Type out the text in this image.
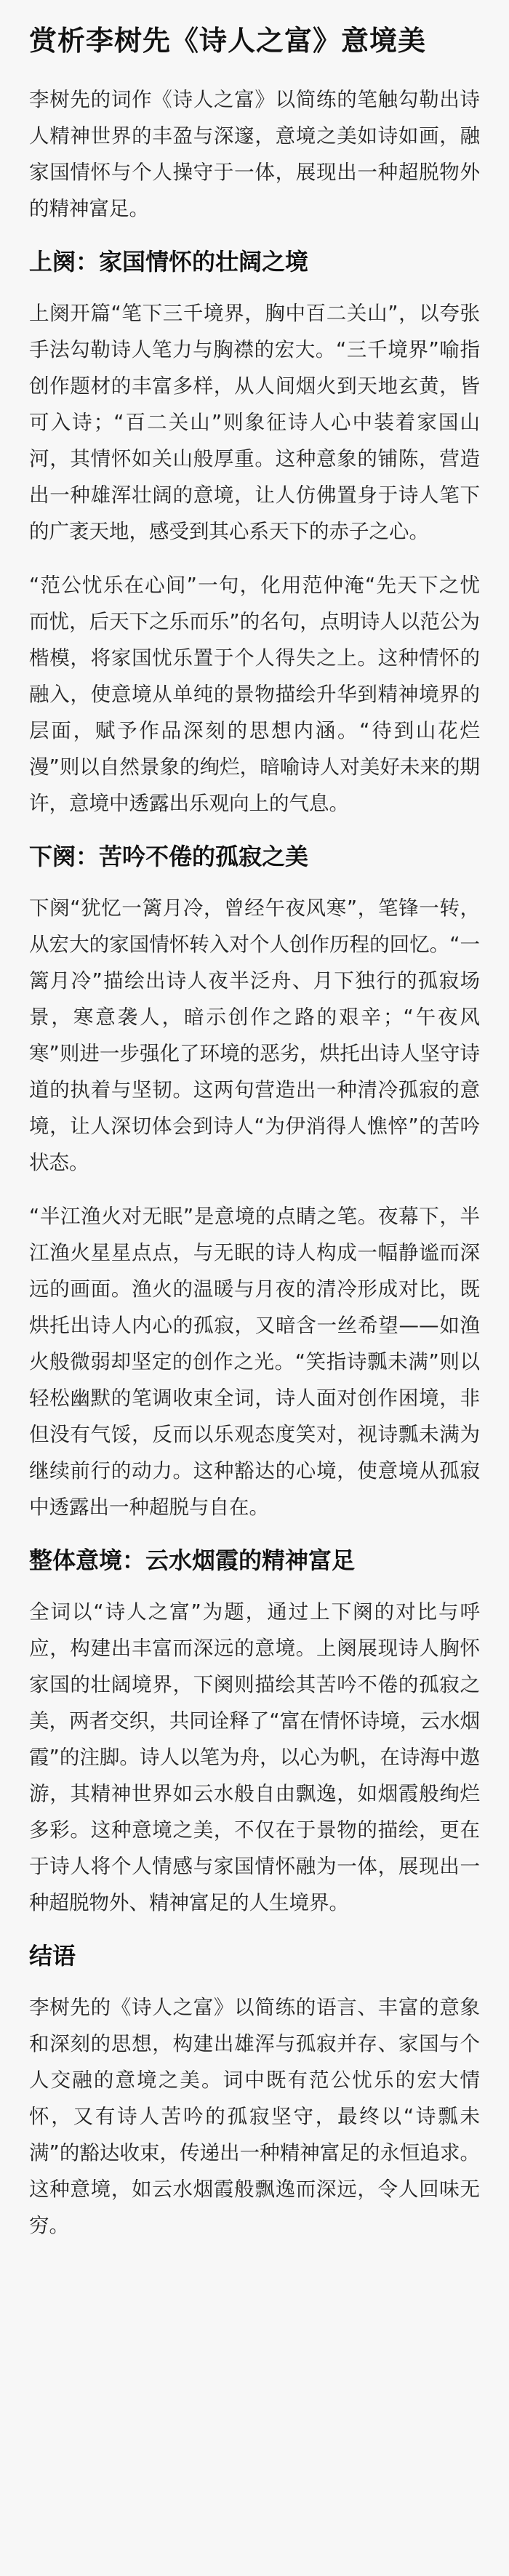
赏析李树先《诗人之富》意境美

李树先的词作《诗人之富》以简练的笔触勾勒出诗人精神世界的丰盈与深邃，意境之美如诗如画，融家国情怀与个人操守于一体，展现出一种超脱物外的精神富足。

上阕：家国情怀的壮阔之境

上阕开篇“笔下三千境界，胸中百二关山”，以夸张手法勾勒诗人笔力与胸襟的宏大。“三千境界”喻指创作题材的丰富多样，从人间烟火到天地玄黄，皆可入诗；“百二关山”则象征诗人心中装着家国山河，其情怀如关山般厚重。这种意象的铺陈，营造出一种雄浑壮阔的意境，让人仿佛置身于诗人笔下的广袤天地，感受到其心系天下的赤子之心。

“范公忧乐在心间”一句，化用范仲淹“先天下之忧而忧，后天下之乐而乐”的名句，点明诗人以范公为楷模，将家国忧乐置于个人得失之上。这种情怀的融入，使意境从单纯的景物描绘升华到精神境界的层面，赋予作品深刻的思想内涵。“待到山花烂漫”则以自然景象的绚烂，暗喻诗人对美好未来的期许，意境中透露出乐观向上的气息。

下阕：苦吟不倦的孤寂之美

下阕“犹忆一篱月冷，曾经午夜风寒”，笔锋一转，从宏大的家国情怀转入对个人创作历程的回忆。“一篱月冷”描绘出诗人夜半泛舟、月下独行的孤寂场景，寒意袭人，暗示创作之路的艰辛；“午夜风寒”则进一步强化了环境的恶劣，烘托出诗人坚守诗道的执着与坚韧。这两句营造出一种清冷孤寂的意境，让人深切体会到诗人“为伊消得人憔悴”的苦吟状态。

“半江渔火对无眠”是意境的点睛之笔。夜幕下，半江渔火星星点点，与无眠的诗人构成一幅静谧而深远的画面。渔火的温暖与月夜的清冷形成对比，既烘托出诗人内心的孤寂，又暗含一丝希望——如渔火般微弱却坚定的创作之光。“笑指诗瓢未满”则以轻松幽默的笔调收束全词，诗人面对创作困境，非但没有气馁，反而以乐观态度笑对，视诗瓢未满为继续前行的动力。这种豁达的心境，使意境从孤寂中透露出一种超脱与自在。

整体意境：云水烟霞的精神富足

全词以“诗人之富”为题，通过上下阕的对比与呼应，构建出丰富而深远的意境。上阕展现诗人胸怀家国的壮阔境界，下阕则描绘其苦吟不倦的孤寂之美，两者交织，共同诠释了“富在情怀诗境，云水烟霞”的注脚。诗人以笔为舟，以心为帆，在诗海中遨游，其精神世界如云水般自由飘逸，如烟霞般绚烂多彩。这种意境之美，不仅在于景物的描绘，更在于诗人将个人情感与家国情怀融为一体，展现出一种超脱物外、精神富足的人生境界。

结语

李树先的《诗人之富》以简练的语言、丰富的意象和深刻的思想，构建出雄浑与孤寂并存、家国与个人交融的意境之美。词中既有范公忧乐的宏大情怀，又有诗人苦吟的孤寂坚守，最终以“诗瓢未满”的豁达收束，传递出一种精神富足的永恒追求。这种意境，如云水烟霞般飘逸而深远，令人回味无穷。
